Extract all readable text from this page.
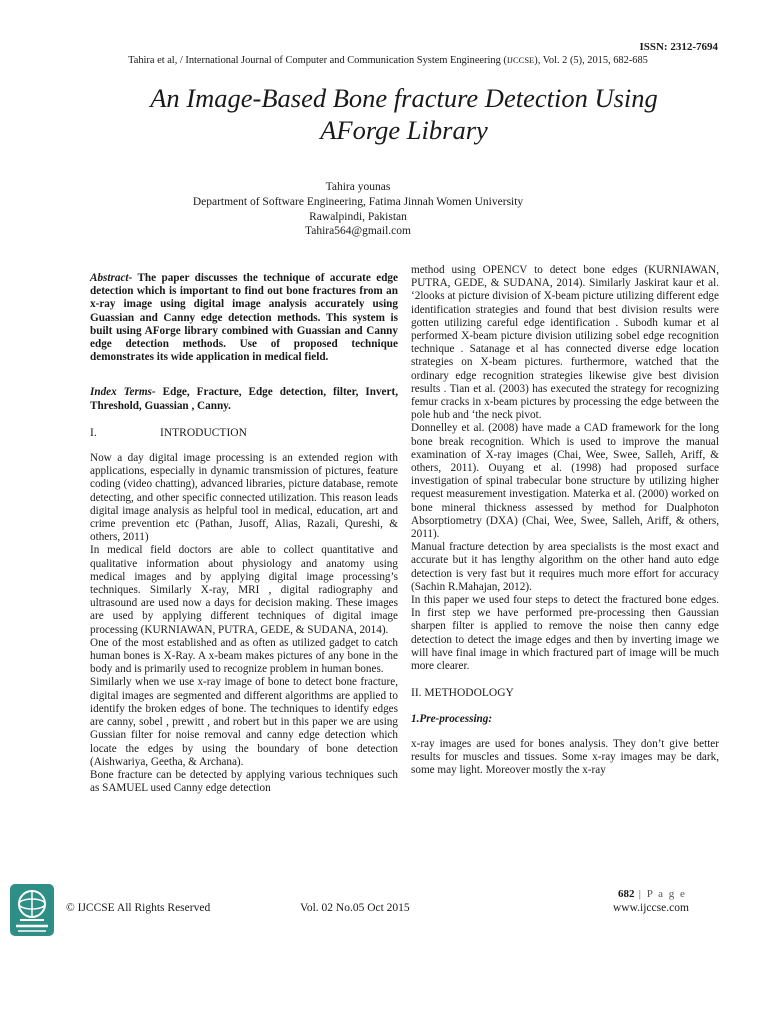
ISSN: 2312-7694
Tahira et al, / International Journal of Computer and Communication System Engineering (IJCCSE), Vol. 2 (5), 2015, 682-685
An Image-Based Bone fracture Detection Using
AForge Library
Tahira younas
Department of Software Engineering, Fatima Jinnah Women University
Rawalpindi, Pakistan
Tahira564@gmail.com

Abstract- The paper discusses the technique of accurate edge detection which is important to find out bone fractures from an x-ray image using digital image analysis accurately using Guassian and Canny edge detection methods. This system is built using AForge library combined with Guassian and Canny edge detection methods. Use of proposed technique demonstrates its wide application in medical field.

Index Terms- Edge, Fracture, Edge detection, filter, Invert, Threshold, Guassian , Canny.

I.	INTRODUCTION

Now a day digital image processing is an extended region with applications, especially in dynamic transmission of pictures, feature coding (video chatting), advanced libraries, picture database, remote detecting, and other specific connected utilization. This reason leads digital image analysis as helpful tool in medical, education, art and crime prevention etc (Pathan, Jusoff, Alias, Razali, Qureshi, & others, 2011)

In medical field doctors are able to collect quantitative and qualitative information about physiology and anatomy using medical images and by applying digital image processing’s techniques. Similarly X-ray, MRI , digital radiography and ultrasound are used now a days for decision making. These images are used by applying different techniques of digital image processing (KURNIAWAN, PUTRA, GEDE, & SUDANA, 2014).

One of the most established and as often as utilized gadget to catch human bones is X-Ray. A x-beam makes pictures of any bone in the body and is primarily used to recognize problem in human bones.

Similarly when we use x-ray image of bone to detect bone fracture, digital images are segmented and different algorithms are applied to identify the broken edges of bone. The techniques to identify edges are canny, sobel , prewitt , and robert but in this paper we are using Gussian filter for noise removal and canny edge detection which locate the edges by using the boundary of bone detection (Aishwariya, Geetha, & Archana).

Bone fracture can be detected by applying various techniques such as SAMUEL used Canny edge detection

method using OPENCV to detect bone edges (KURNIAWAN, PUTRA, GEDE, & SUDANA, 2014). Similarly Jaskirat kaur et al. ‘2looks at picture division of X-beam picture utilizing different edge identification strategies and found that best division results were gotten utilizing careful edge identification . Subodh kumar et al performed X-beam picture division utilizing sobel edge recognition technique . Satanage et al has connected diverse edge location strategies on X-beam pictures. furthermore, watched that the ordinary edge recognition strategies likewise give best division results . Tian et al. (2003) has executed the strategy for recognizing femur cracks in x-beam pictures by processing the edge between the pole hub and ‘the neck pivot.

Donnelley et al. (2008) have made a CAD framework for the long bone break recognition. Which is used to improve the manual examination of X-ray images (Chai, Wee, Swee, Salleh, Ariff, & others, 2011). Ouyang et al. (1998) had proposed surface investigation of spinal trabecular bone structure by utilizing higher request measurement investigation. Materka et al. (2000) worked on bone mineral thickness assessed by method for Dualphoton Absorptiometry (DXA) (Chai, Wee, Swee, Salleh, Ariff, & others, 2011).

Manual fracture detection by area specialists is the most exact and accurate but it has lengthy algorithm on the other hand auto edge detection is very fast but it requires much more effort for accuracy (Sachin R.Mahajan, 2012).

In this paper we used four steps to detect the fractured bone edges. In first step we have performed pre-processing then Gaussian sharpen filter is applied to remove the noise then canny edge detection to detect the image edges and then by inverting image we will have final image in which fractured part of image will be much more clearer.

II. METHODOLOGY

1.Pre-processing:

x-ray images are used for bones analysis. They don’t give better results for muscles and tissues. Some x-ray images may be dark, some may light. Moreover mostly the x-ray

682 | P a g e
© IJCCSE All Rights Reserved	Vol. 02 No.05 Oct 2015	www.ijccse.com
